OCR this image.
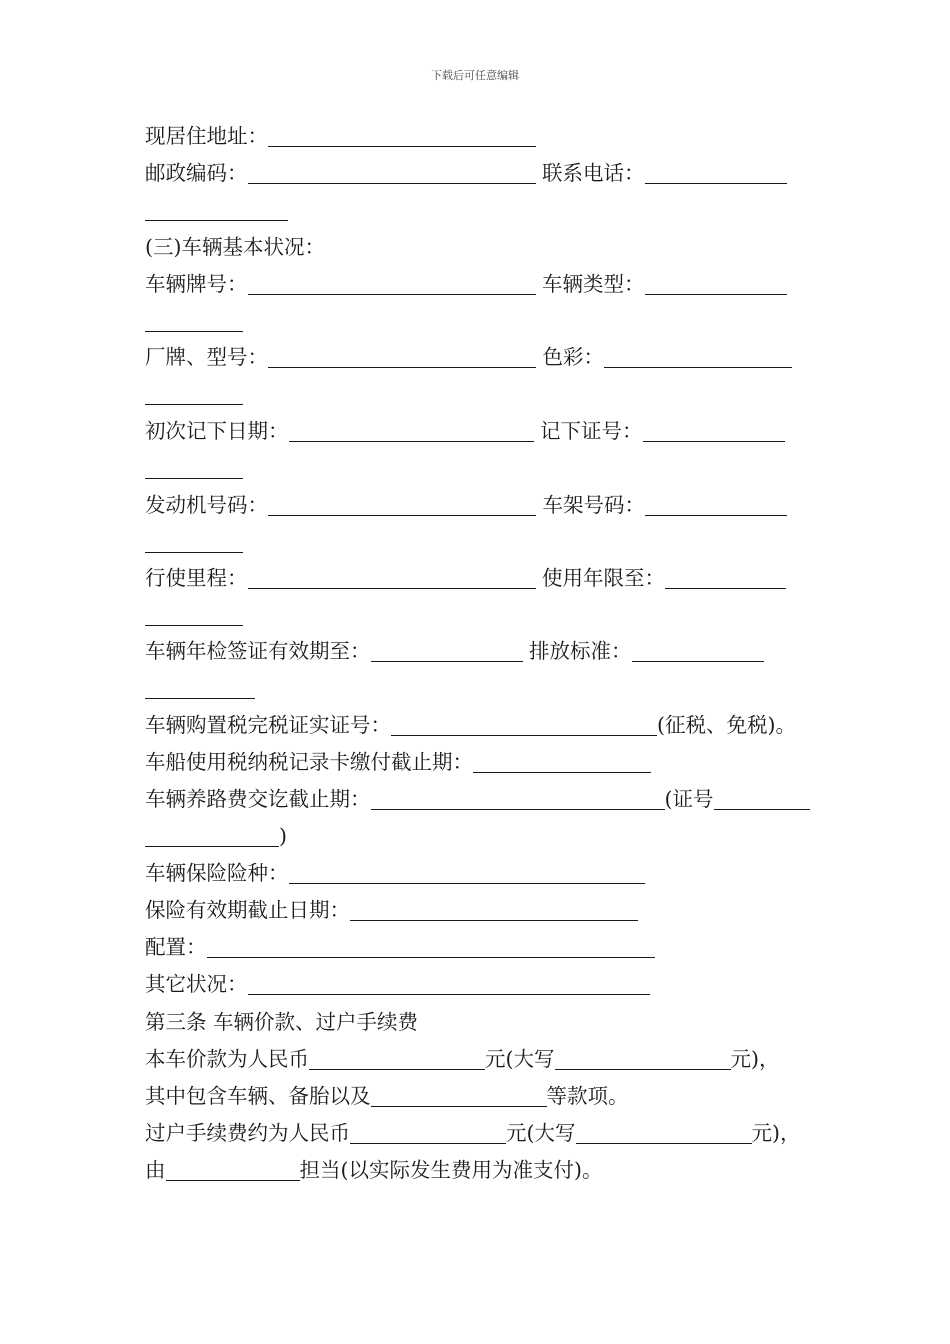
下载后可任意编辑
现居住地址：
邮政编码：	联系电话：
(三)车辆基本状况：
车辆牌号：	车辆类型：
厂牌、型号：	色彩：
初次记下日期：	记下证号：
发动机号码：	车架号码：
行使里程：	使用年限至：
车辆年检签证有效期至：	排放标准：
车辆购置税完税证实证号：	(征税、免税)。
车船使用税纳税记录卡缴付截止期：
车辆养路费交讫截止期：	(证号
)
车辆保险险种：
保险有效期截止日期：
配置：
其它状况：
第三条 车辆价款、过户手续费
本车价款为人民币	元(大写	元)，
其中包含车辆、备胎以及	等款项。
过户手续费约为人民币	元(大写	元)，
由	担当(以实际发生费用为准支付)。
